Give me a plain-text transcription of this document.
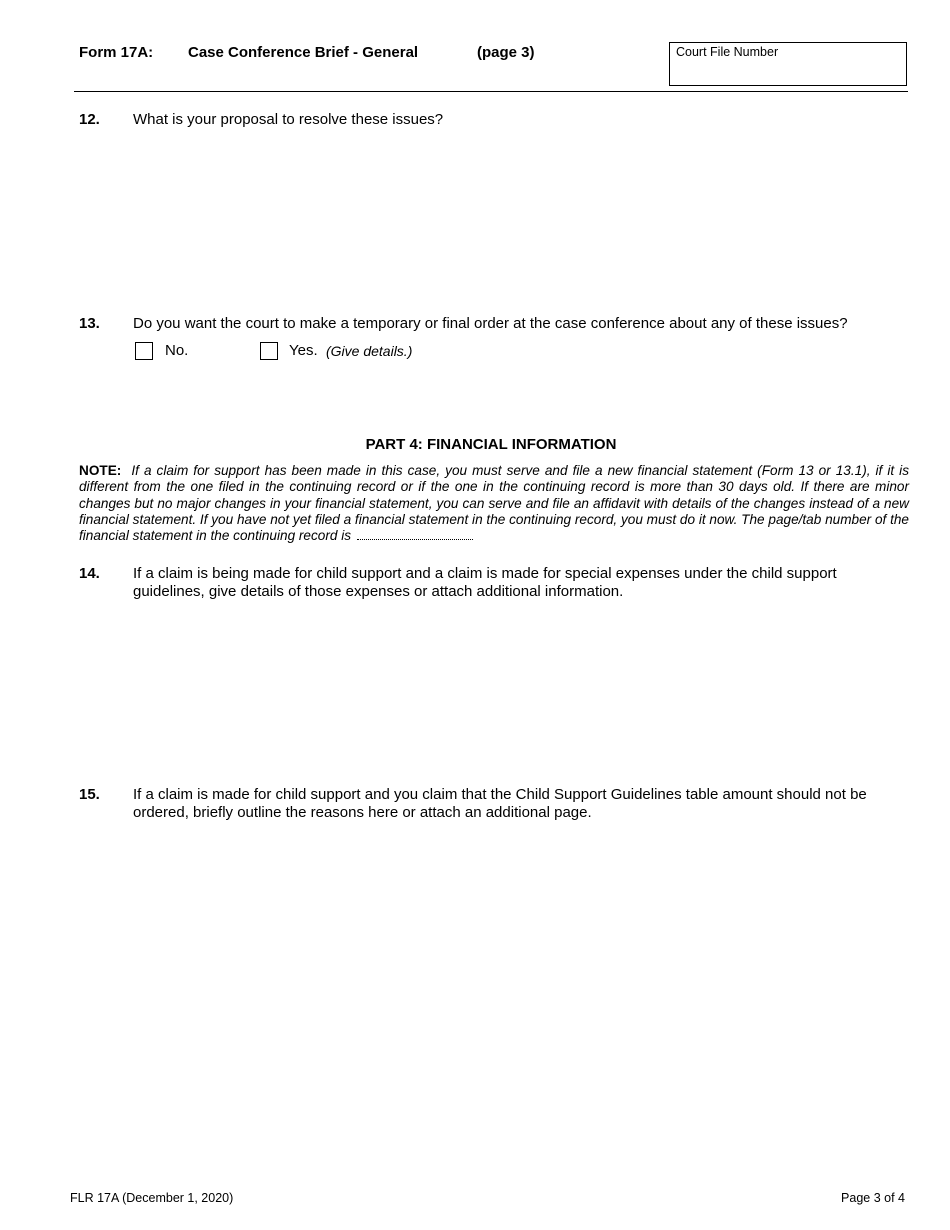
Form 17A: Case Conference Brief - General	(page 3)	Court File Number
12. What is your proposal to resolve these issues?
13. Do you want the court to make a temporary or final order at the case conference about any of these issues?
No.	Yes. (Give details.)
PART 4: FINANCIAL INFORMATION
NOTE: If a claim for support has been made in this case, you must serve and file a new financial statement (Form 13 or 13.1), if it is different from the one filed in the continuing record or if the one in the continuing record is more than 30 days old. If there are minor changes but no major changes in your financial statement, you can serve and file an affidavit with details of the changes instead of a new financial statement. If you have not yet filed a financial statement in the continuing record, you must do it now. The page/tab number of the financial statement in the continuing record is
14. If a claim is being made for child support and a claim is made for special expenses under the child support guidelines, give details of those expenses or attach additional information.
15. If a claim is made for child support and you claim that the Child Support Guidelines table amount should not be ordered, briefly outline the reasons here or attach an additional page.
FLR 17A (December 1, 2020)	Page 3 of 4
